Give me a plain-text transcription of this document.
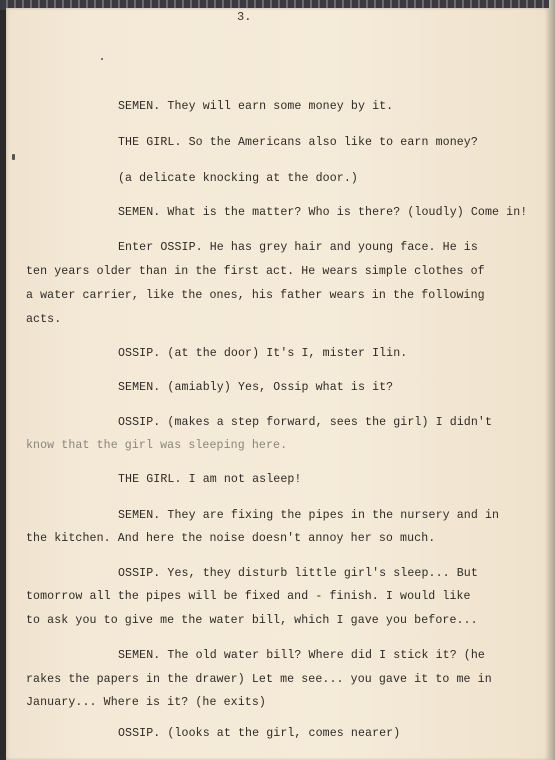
3.
SEMEN. They will earn some money by it.
THE GIRL. So the Americans also like to earn money?
(a delicate knocking at the door.)
SEMEN. What is the matter? Who is there? (loudly) Come in!
Enter OSSIP. He has grey hair and young face. He is
ten years older than in the first act. He wears simple clothes of
a water carrier, like the ones, his father wears in the following
acts.
OSSIP. (at the door) It's I, mister Ilin.
SEMEN. (amiably) Yes, Ossip what is it?
OSSIP. (makes a step forward, sees the girl) I didn't
know that the girl was sleeping here.
THE GIRL. I am not asleep!
SEMEN. They are fixing the pipes in the nursery and in
the kitchen. And here the noise doesn't annoy her so much.
OSSIP. Yes, they disturb little girl's sleep... But
tomorrow all the pipes will be fixed and - finish. I would like
to ask you to give me the water bill, which I gave you before...
SEMEN. The old water bill? Where did I stick it? (he
rakes the papers in the drawer) Let me see... you gave it to me in
January... Where is it? (he exits)
OSSIP. (looks at the girl, comes nearer)
